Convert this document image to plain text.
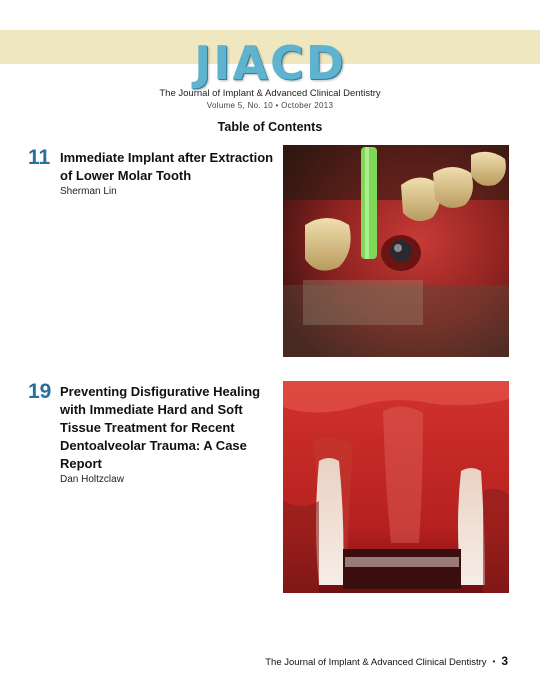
JIACD
The Journal of Implant & Advanced Clinical Dentistry
Volume 5, No. 10 • October 2013
Table of Contents
11 Immediate Implant after Extraction of Lower Molar Tooth
Sherman Lin
19 Preventing Disfigurative Healing with Immediate Hard and Soft Tissue Treatment for Recent Dentoalveolar Trauma: A Case Report
Dan Holtzclaw
The Journal of Implant & Advanced Clinical Dentistry • 3
